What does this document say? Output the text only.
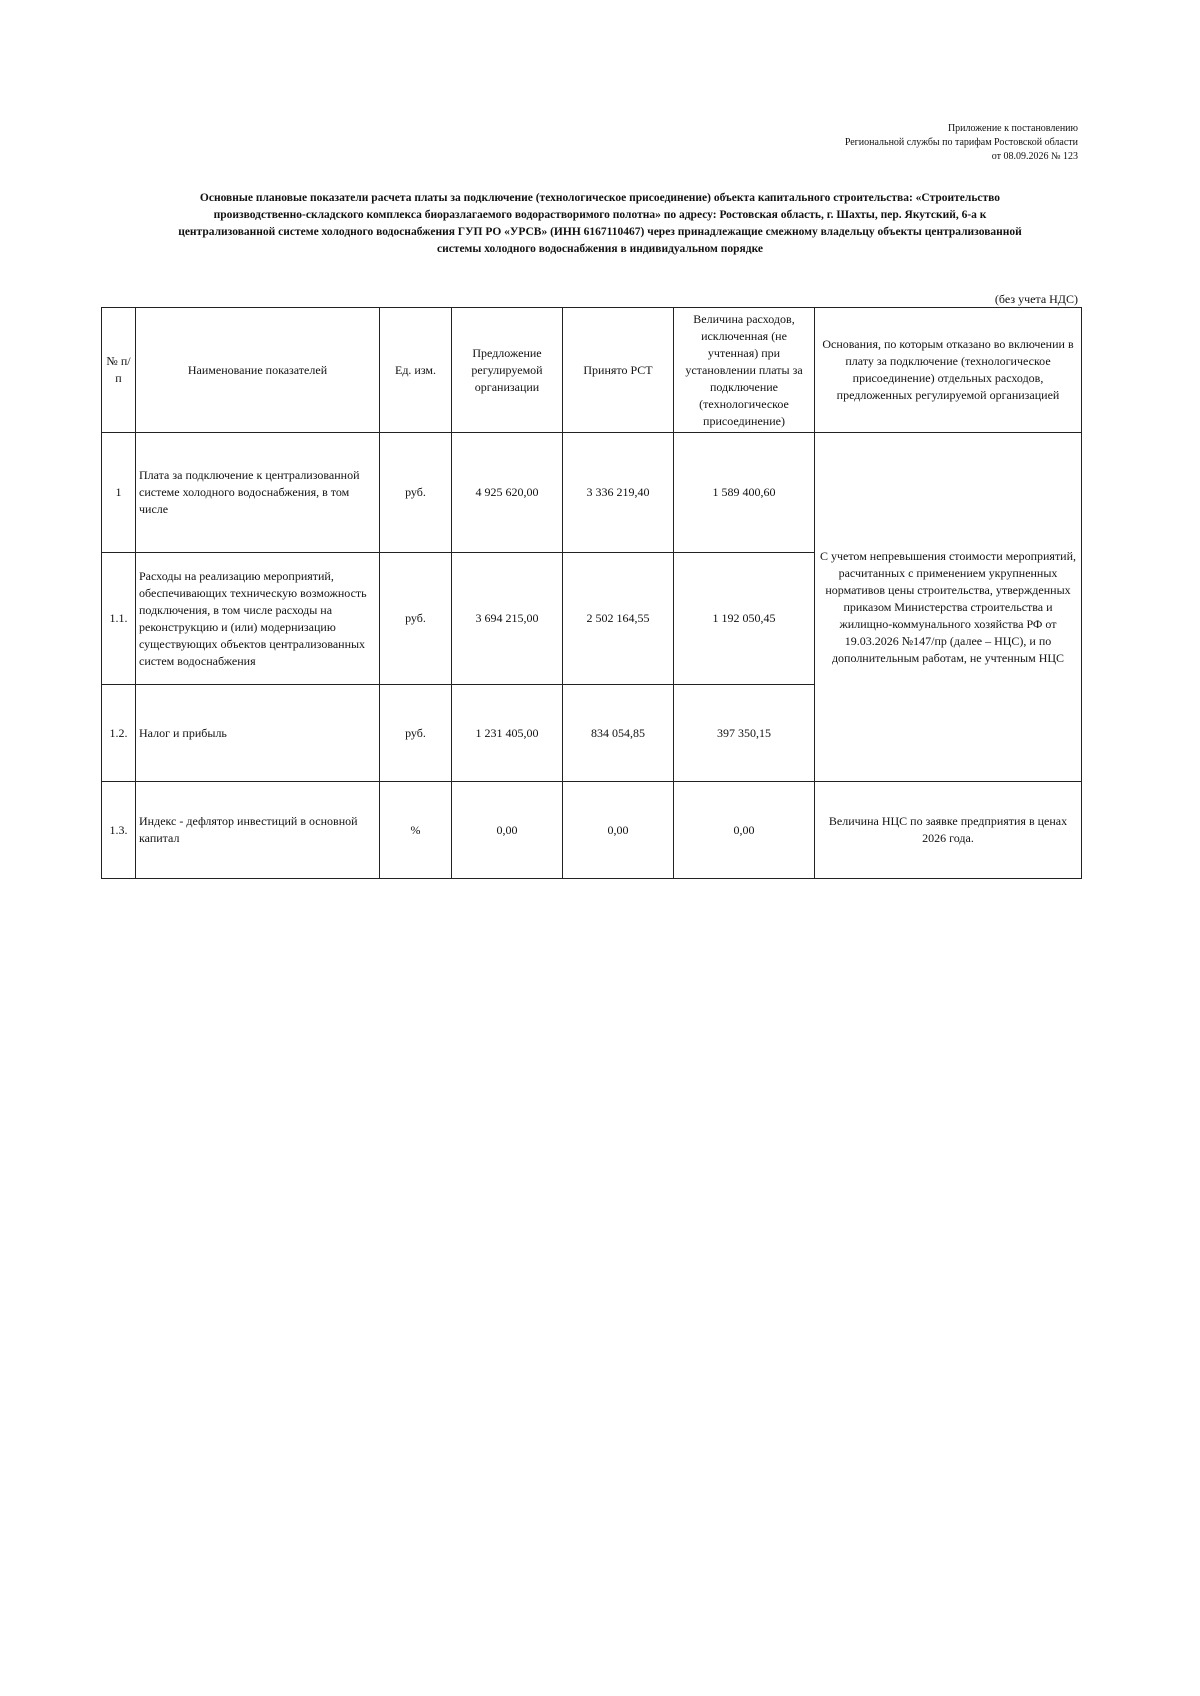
Приложение к постановлению
Региональной службы по тарифам Ростовской области
от 08.09.2026 № 123
Основные плановые показатели расчета платы за подключение (технологическое присоединение) объекта капитального строительства: «Строительство
производственно-складского комплекса биоразлагаемого водорастворимого полотна» по адресу: Ростовская область, г. Шахты, пер. Якутский, 6-а к
централизованной системе холодного водоснабжения ГУП РО «УРСВ» (ИНН 6167110467) через принадлежащие смежному владельцу объекты централизованной
системы холодного водоснабжения в индивидуальном порядке
(без учета НДС)
№ п/п	Наименование показателей	Ед. изм.	Предложение регулируемой организации	Принято РСТ	Величина расходов, исключенная (не учтенная) при установлении платы за подключение (технологическое присоединение)	Основания, по которым отказано во включении в плату за подключение (технологическое присоединение) отдельных расходов, предложенных регулируемой организацией
1	Плата за подключение к централизованной системе холодного водоснабжения, в том числе	руб.	4 925 620,00	3 336 219,40	1 589 400,60	С учетом непревышения стоимости мероприятий, расчитанных с применением укрупненных нормативов цены строительства, утвержденных приказом Министерства строительства и жилищно-коммунального хозяйства РФ от 19.03.2026 №147/пр (далее – НЦС), и по дополнительным работам, не учтенным НЦС
1.1.	Расходы на реализацию мероприятий, обеспечивающих техническую возможность подключения, в том числе расходы на реконструкцию и (или) модернизацию существующих объектов централизованных систем водоснабжения	руб.	3 694 215,00	2 502 164,55	1 192 050,45	
1.2.	Налог и прибыль	руб.	1 231 405,00	834 054,85	397 350,15	
1.3.	Индекс - дефлятор инвестиций в основной капитал	%	0,00	0,00	0,00	Величина НЦС по заявке предприятия в ценах 2026 года.
